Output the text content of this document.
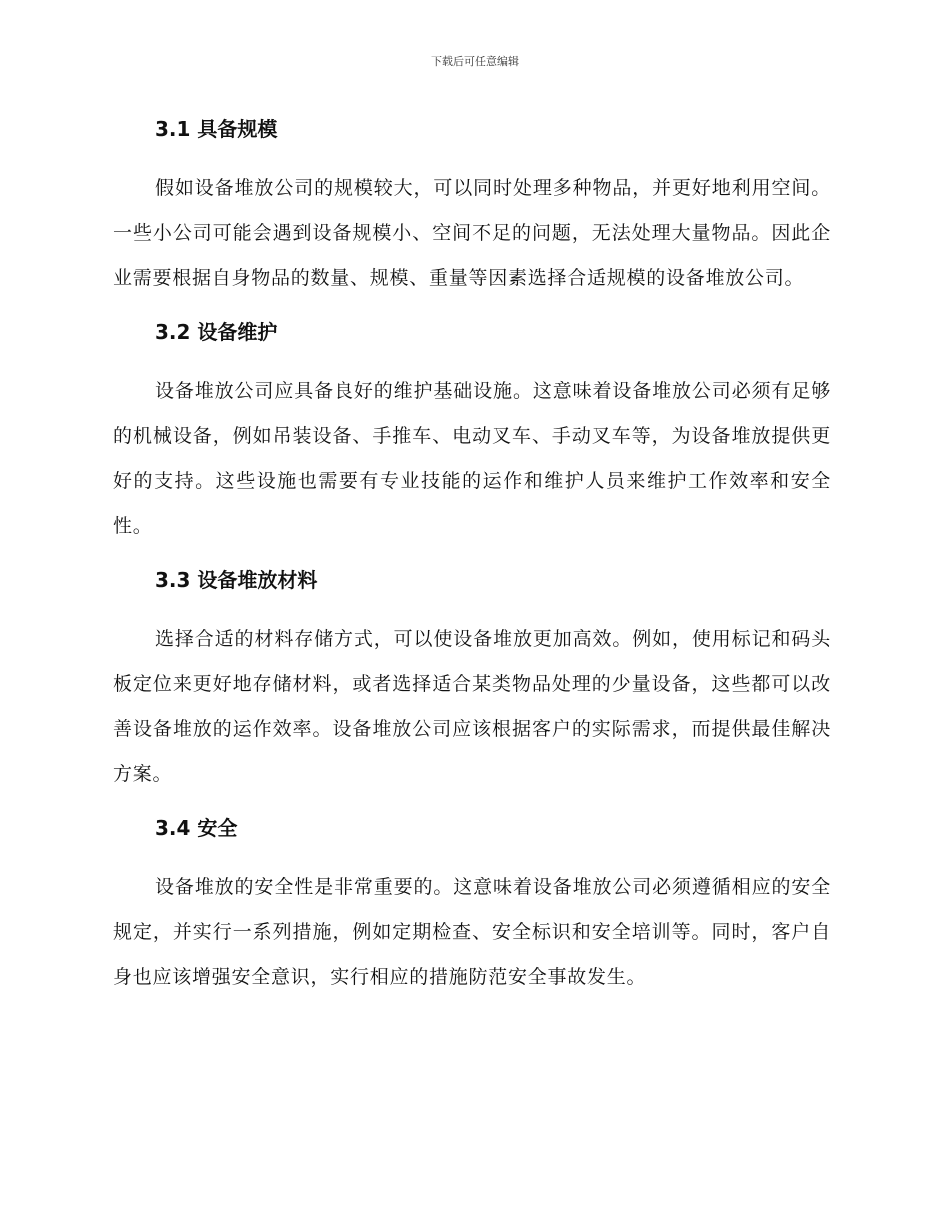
下载后可任意编辑
3.1 具备规模

假如设备堆放公司的规模较大，可以同时处理多种物品，并更好地利用空间。一些小公司可能会遇到设备规模小、空间不足的问题，无法处理大量物品。因此企业需要根据自身物品的数量、规模、重量等因素选择合适规模的设备堆放公司。

3.2 设备维护

设备堆放公司应具备良好的维护基础设施。这意味着设备堆放公司必须有足够的机械设备，例如吊装设备、手推车、电动叉车、手动叉车等，为设备堆放提供更好的支持。这些设施也需要有专业技能的运作和维护人员来维护工作效率和安全性。

3.3 设备堆放材料

选择合适的材料存储方式，可以使设备堆放更加高效。例如，使用标记和码头板定位来更好地存储材料，或者选择适合某类物品处理的少量设备，这些都可以改善设备堆放的运作效率。设备堆放公司应该根据客户的实际需求，而提供最佳解决方案。

3.4 安全

设备堆放的安全性是非常重要的。这意味着设备堆放公司必须遵循相应的安全规定，并实行一系列措施，例如定期检查、安全标识和安全培训等。同时，客户自身也应该增强安全意识，实行相应的措施防范安全事故发生。
